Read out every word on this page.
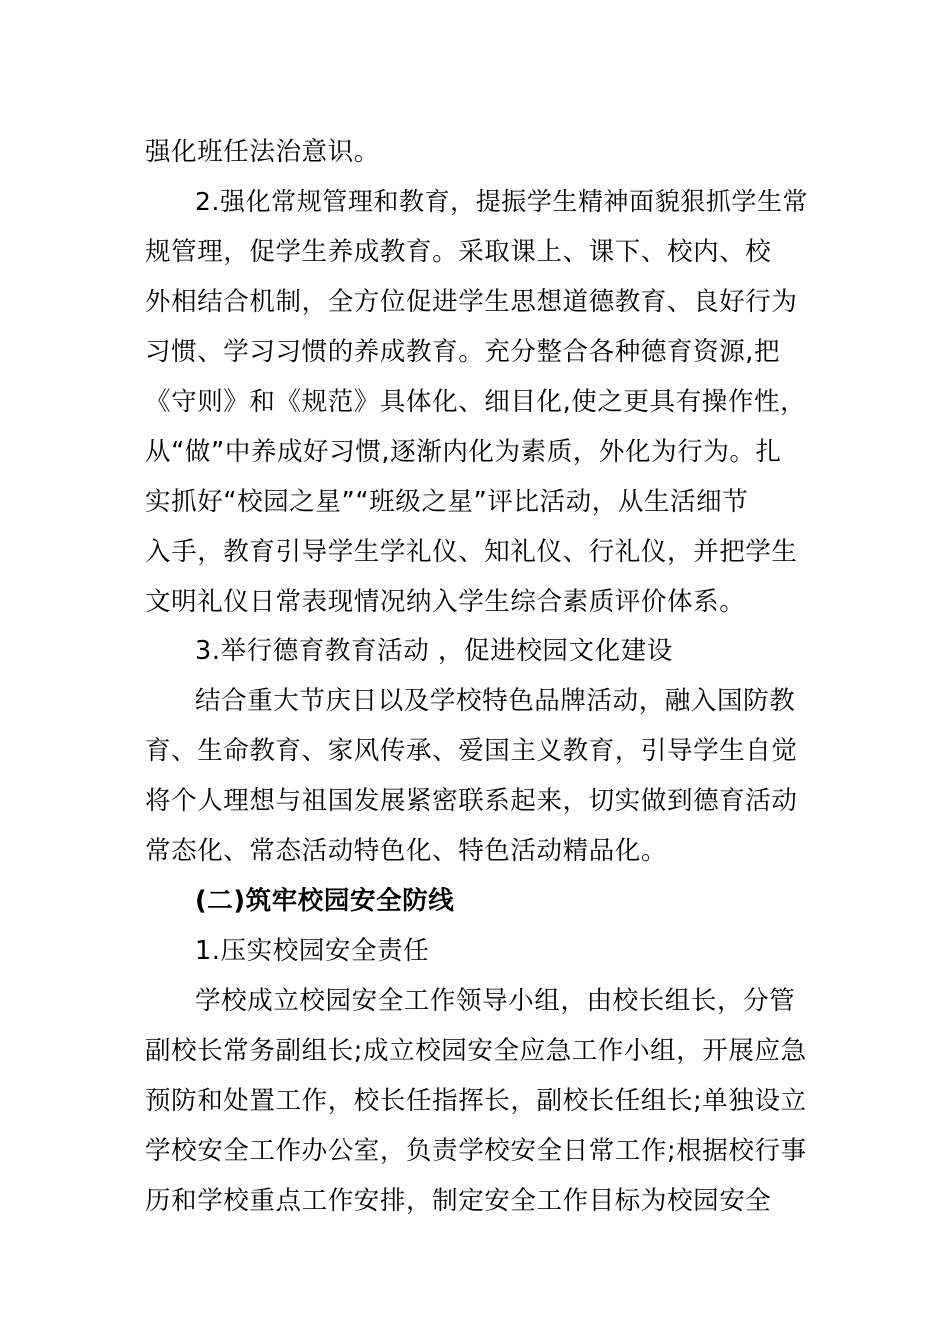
强化班任法治意识。
2.强化常规管理和教育，提振学生精神面貌狠抓学生常
规管理，促学生养成教育。采取课上、课下、校内、校
外相结合机制，全方位促进学生思想道德教育、良好行为
习惯、学习习惯的养成教育。充分整合各种德育资源,把
《守则》和《规范》具体化、细目化,使之更具有操作性，
从“做”中养成好习惯,逐渐内化为素质，外化为行为。扎
实抓好“校园之星”“班级之星”评比活动，从生活细节
入手，教育引导学生学礼仪、知礼仪、行礼仪，并把学生
文明礼仪日常表现情况纳入学生综合素质评价体系。
3.举行德育教育活动 ，促进校园文化建设
结合重大节庆日以及学校特色品牌活动，融入国防教
育、生命教育、家风传承、爱国主义教育，引导学生自觉
将个人理想与祖国发展紧密联系起来，切实做到德育活动
常态化、常态活动特色化、特色活动精品化。
(二)筑牢校园安全防线
1.压实校园安全责任
学校成立校园安全工作领导小组，由校长组长，分管
副校长常务副组长;成立校园安全应急工作小组，开展应急
预防和处置工作，校长任指挥长，副校长任组长;单独设立
学校安全工作办公室，负责学校安全日常工作;根据校行事
历和学校重点工作安排，制定安全工作目标为校园安全
